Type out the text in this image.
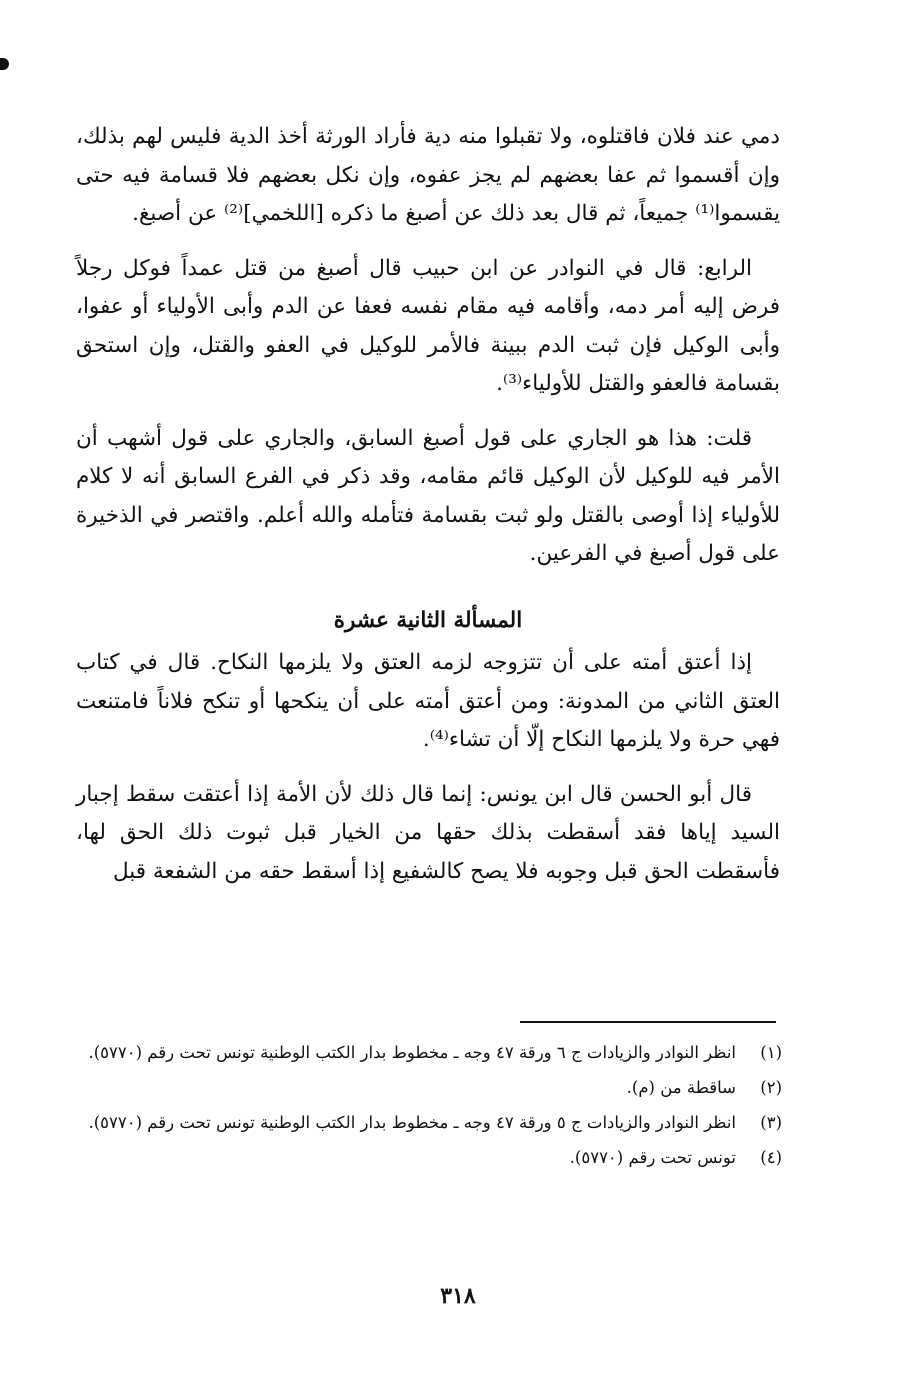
دمي عند فلان فاقتلوه، ولا تقبلوا منه دية فأراد الورثة أخذ الدية فليس لهم بذلك، وإن أقسموا ثم عفا بعضهم لم يجز عفوه، وإن نكل بعضهم فلا قسامة فيه حتى يقسموا⁽¹⁾ جميعاً، ثم قال بعد ذلك عن أصبغ ما ذكره [اللخمي]⁽²⁾ عن أصبغ.

الرابع: قال في النوادر عن ابن حبيب قال أصبغ من قتل عمداً فوكل رجلاً فرض إليه أمر دمه، وأقامه فيه مقام نفسه فعفا عن الدم وأبى الأولياء أو عفوا، وأبى الوكيل فإن ثبت الدم ببينة فالأمر للوكيل في العفو والقتل، وإن استحق بقسامة فالعفو والقتل للأولياء⁽³⁾.

قلت: هذا هو الجاري على قول أصبغ السابق، والجاري على قول أشهب أن الأمر فيه للوكيل لأن الوكيل قائم مقامه، وقد ذكر في الفرع السابق أنه لا كلام للأولياء إذا أوصى بالقتل ولو ثبت بقسامة فتأمله والله أعلم. واقتصر في الذخيرة على قول أصبغ في الفرعين.

المسألة الثانية عشرة

إذا أعتق أمته على أن تتزوجه لزمه العتق ولا يلزمها النكاح. قال في كتاب العتق الثاني من المدونة: ومن أعتق أمته على أن ينكحها أو تنكح فلاناً فامتنعت فهي حرة ولا يلزمها النكاح إلّا أن تشاء⁽⁴⁾.

قال أبو الحسن قال ابن يونس: إنما قال ذلك لأن الأمة إذا أعتقت سقط إجبار السيد إياها فقد أسقطت بذلك حقها من الخيار قبل ثبوت ذلك الحق لها، فأسقطت الحق قبل وجوبه فلا يصح كالشفيع إذا أسقط حقه من الشفعة قبل

(١)
انظر النوادر والزيادات ج ٦ ورقة ٤٧ وجه ـ مخطوط بدار الكتب الوطنية تونس تحت رقم (٥٧٧٠).
(٢)
ساقطة من (م).
(٣)
انظر النوادر والزيادات ج ٥ ورقة ٤٧ وجه ـ مخطوط بدار الكتب الوطنية تونس تحت رقم (٥٧٧٠).
(٤)
تونس تحت رقم (٥٧٧٠).
٣١٨
